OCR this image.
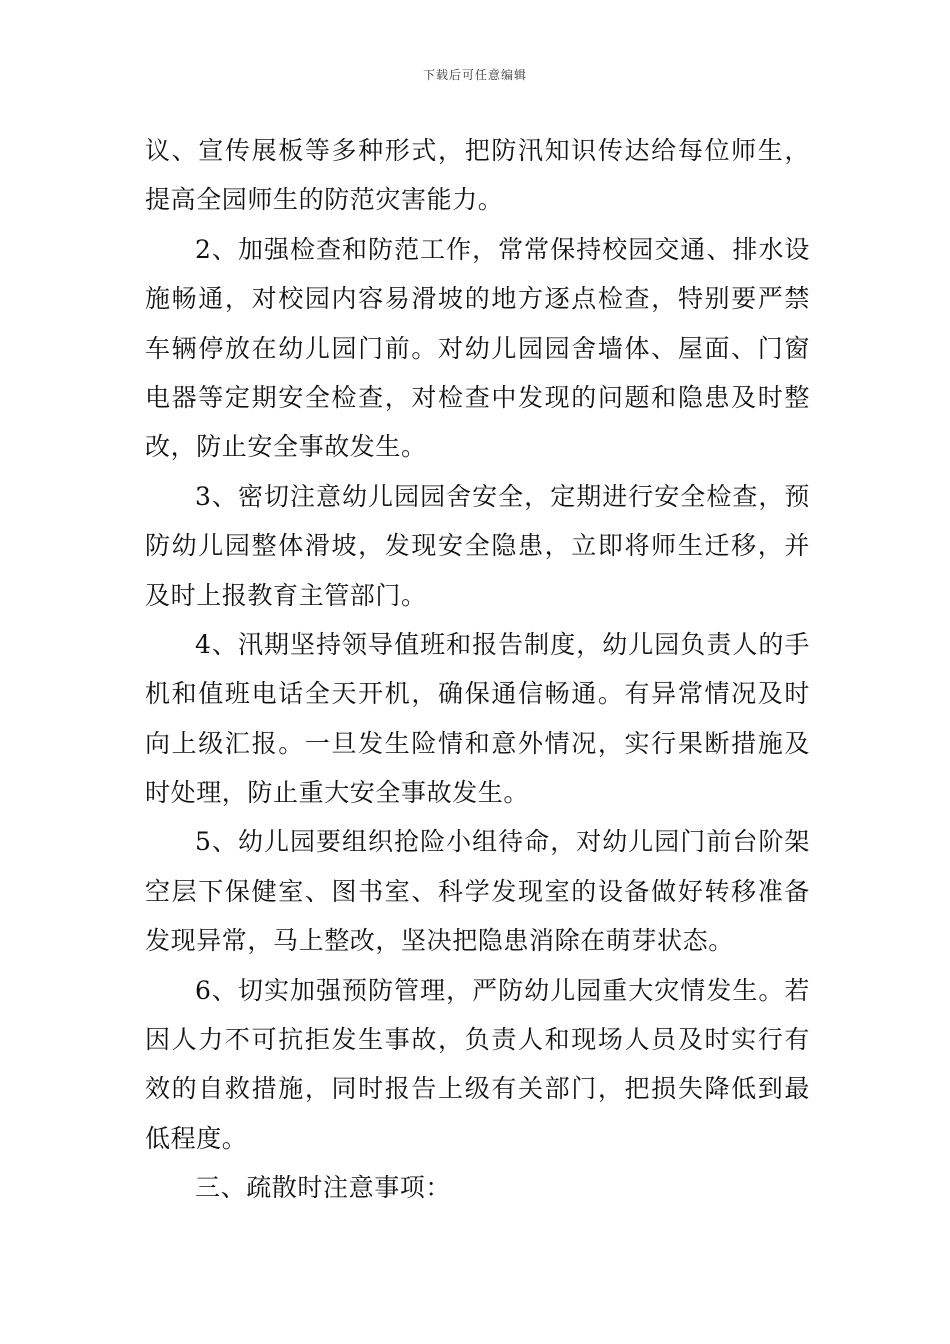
下载后可任意编辑
议、宣传展板等多种形式，把防汛知识传达给每位师生，
提高全园师生的防范灾害能力。
2、加强检查和防范工作，常常保持校园交通、排水设
施畅通，对校园内容易滑坡的地方逐点检查，特别要严禁
车辆停放在幼儿园门前。对幼儿园园舍墙体、屋面、门窗
电器等定期安全检查，对检查中发现的问题和隐患及时整
改，防止安全事故发生。
3、密切注意幼儿园园舍安全，定期进行安全检查，预
防幼儿园整体滑坡，发现安全隐患，立即将师生迁移，并
及时上报教育主管部门。
4、汛期坚持领导值班和报告制度，幼儿园负责人的手
机和值班电话全天开机，确保通信畅通。有异常情况及时
向上级汇报。一旦发生险情和意外情况，实行果断措施及
时处理，防止重大安全事故发生。
5、幼儿园要组织抢险小组待命，对幼儿园门前台阶架
空层下保健室、图书室、科学发现室的设备做好转移准备
发现异常，马上整改，坚决把隐患消除在萌芽状态。
6、切实加强预防管理，严防幼儿园重大灾情发生。若
因人力不可抗拒发生事故，负责人和现场人员及时实行有
效的自救措施，同时报告上级有关部门，把损失降低到最
低程度。
三、疏散时注意事项：
